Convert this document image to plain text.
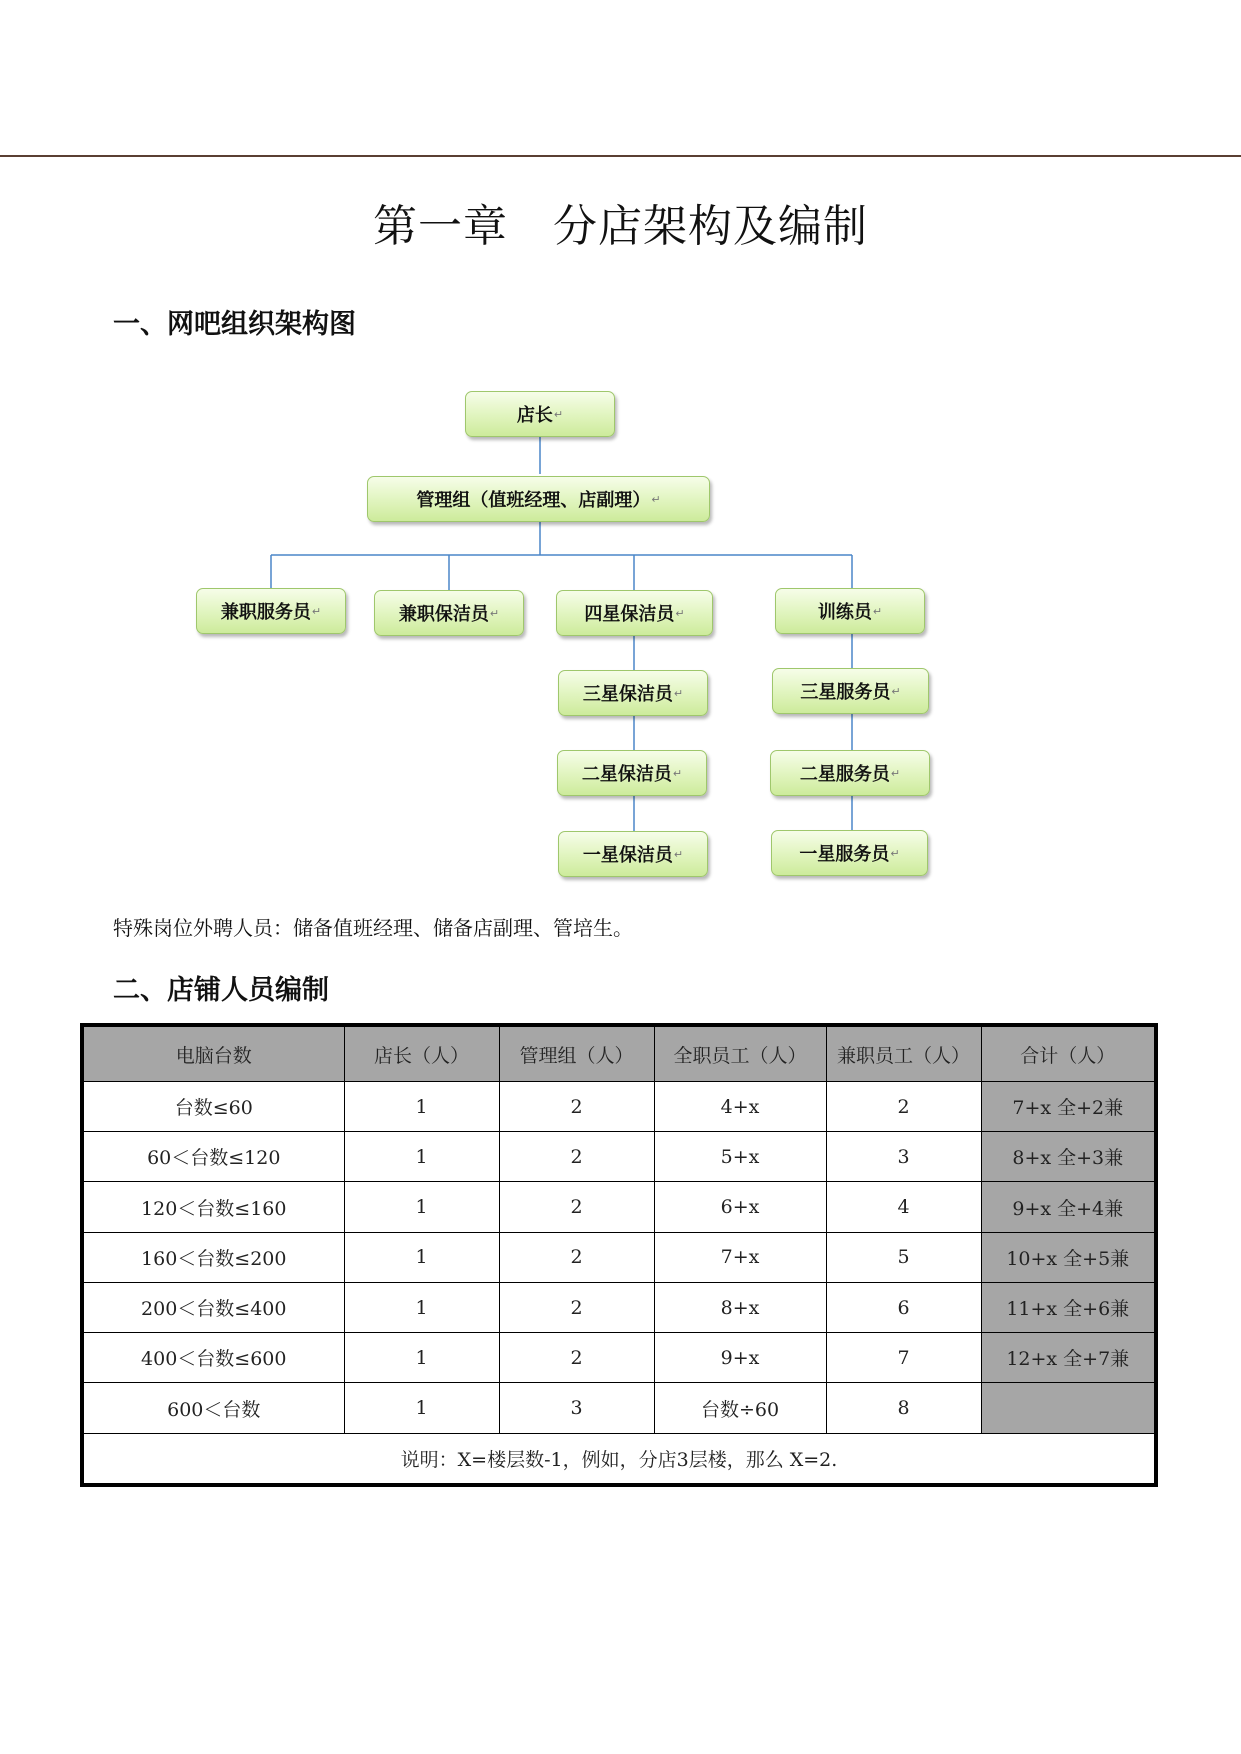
第一章　分店架构及编制
一、网吧组织架构图
店长 ↵
管理组（值班经理、店副理） ↵
兼职服务员 ↵	兼职保洁员 ↵	四星保洁员 ↵	训练员 ↵
三星保洁员 ↵	三星服务员 ↵
二星保洁员 ↵	二星服务员 ↵
一星保洁员 ↵	一星服务员 ↵
特殊岗位外聘人员：储备值班经理、储备店副理、管培生。
二、店铺人员编制
电脑台数	店长（人）	管理组（人）	全职员工（人）	兼职员工（人）	合计（人）
台数≤60	1	2	4+x	2	7+x 全+2兼
60＜台数≤120	1	2	5+x	3	8+x 全+3兼
120＜台数≤160	1	2	6+x	4	9+x 全+4兼
160＜台数≤200	1	2	7+x	5	10+x 全+5兼
200＜台数≤400	1	2	8+x	6	11+x 全+6兼
400＜台数≤600	1	2	9+x	7	12+x 全+7兼
600＜台数	1	3	台数÷60	8	
说明：X=楼层数-1，例如，分店3层楼，那么 X=2.					
